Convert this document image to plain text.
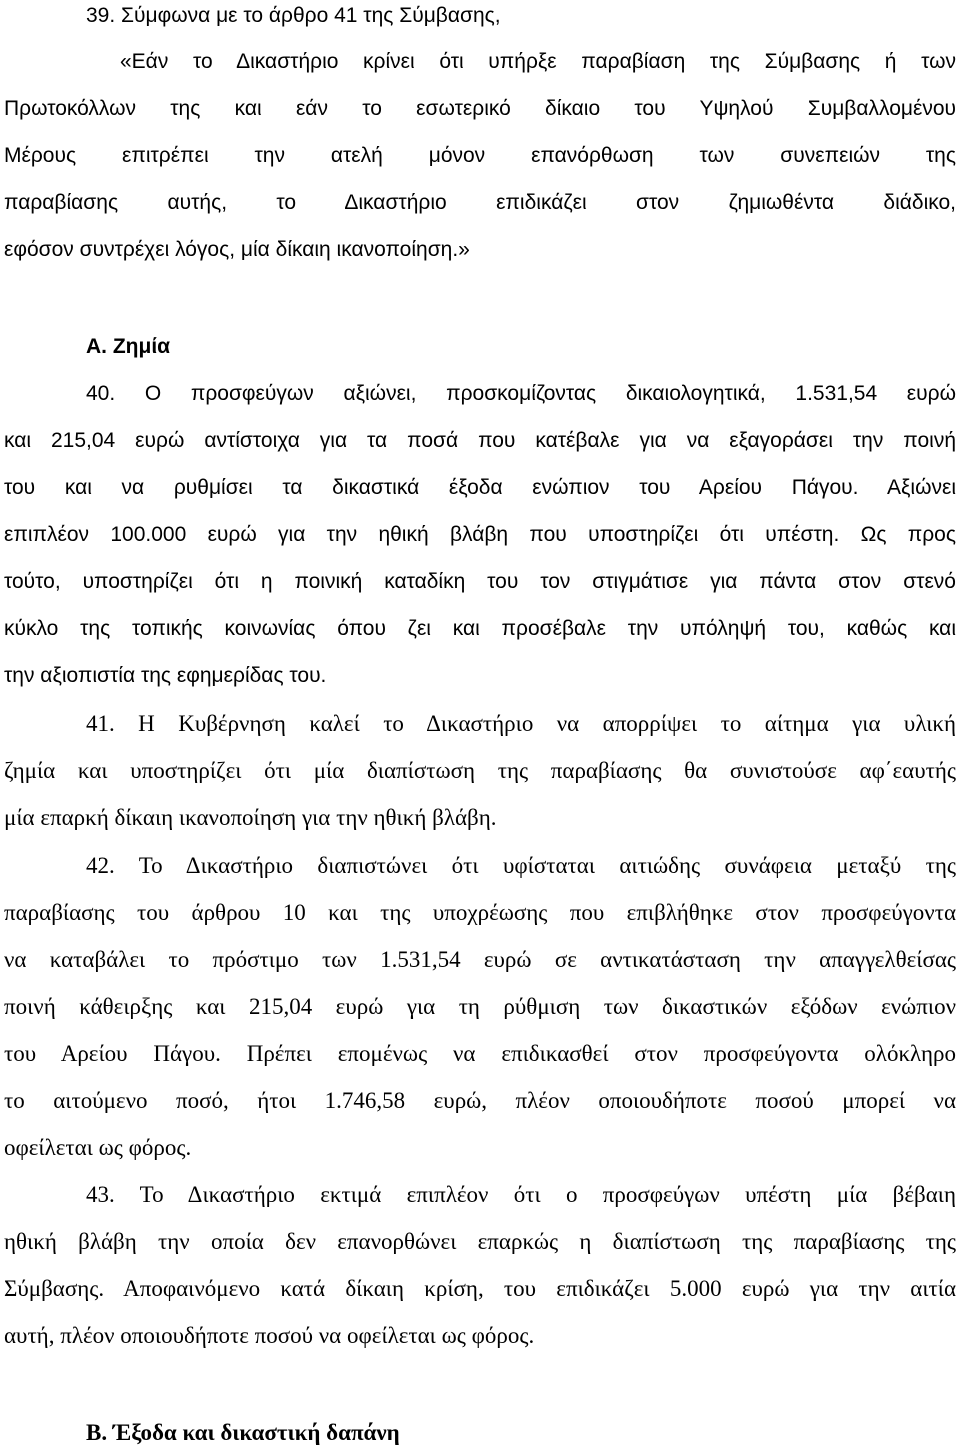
39. Σύμφωνα με το άρθρο 41 της Σύμβασης,
«Εάν το Δικαστήριο κρίνει ότι υπήρξε παραβίαση της Σύμβασης ή των
Πρωτοκόλλων της και εάν το εσωτερικό δίκαιο του Υψηλού Συμβαλλομένου
Μέρους επιτρέπει την ατελή μόνον επανόρθωση των συνεπειών της
παραβίασης αυτής, το Δικαστήριο επιδικάζει στον ζημιωθέντα διάδικο,
εφόσον συντρέχει λόγος, μία δίκαιη ικανοποίηση.»
Α. Ζημία
40. Ο προσφεύγων αξιώνει, προσκομίζοντας δικαιολογητικά, 1.531,54 ευρώ
και 215,04 ευρώ αντίστοιχα για τα ποσά που κατέβαλε για να εξαγοράσει την ποινή
του και να ρυθμίσει τα δικαστικά έξοδα ενώπιον του Αρείου Πάγου. Αξιώνει
επιπλέον 100.000 ευρώ για την ηθική βλάβη που υποστηρίζει ότι υπέστη. Ως προς
τούτο, υποστηρίζει ότι η ποινική καταδίκη του τον στιγμάτισε για πάντα στον στενό
κύκλο της τοπικής κοινωνίας όπου ζει και προσέβαλε την υπόληψή του, καθώς και
την αξιοπιστία της εφημερίδας του.
41. Η Κυβέρνηση καλεί το Δικαστήριο να απορρίψει το αίτημα για υλική
ζημία και υποστηρίζει ότι μία διαπίστωση της παραβίασης θα συνιστούσε αφ΄εαυτής
μία επαρκή δίκαιη ικανοποίηση για την ηθική βλάβη.
42. Το Δικαστήριο διαπιστώνει ότι υφίσταται αιτιώδης συνάφεια μεταξύ της
παραβίασης του άρθρου 10 και της υποχρέωσης που επιβλήθηκε στον προσφεύγοντα
να καταβάλει το πρόστιμο των 1.531,54 ευρώ σε αντικατάσταση την απαγγελθείσας
ποινή κάθειρξης και 215,04 ευρώ για τη ρύθμιση των δικαστικών εξόδων ενώπιον
του Αρείου Πάγου. Πρέπει επομένως να επιδικασθεί στον προσφεύγοντα ολόκληρο
το αιτούμενο ποσό, ήτοι 1.746,58 ευρώ, πλέον οποιουδήποτε ποσού μπορεί να
οφείλεται ως φόρος.
43. Το Δικαστήριο εκτιμά επιπλέον ότι ο προσφεύγων υπέστη μία βέβαιη
ηθική βλάβη την οποία δεν επανορθώνει επαρκώς η διαπίστωση της παραβίασης της
Σύμβασης. Αποφαινόμενο κατά δίκαιη κρίση, του επιδικάζει 5.000 ευρώ για την αιτία
αυτή, πλέον οποιουδήποτε ποσού να οφείλεται ως φόρος.
Β. Έξοδα και δικαστική δαπάνη
